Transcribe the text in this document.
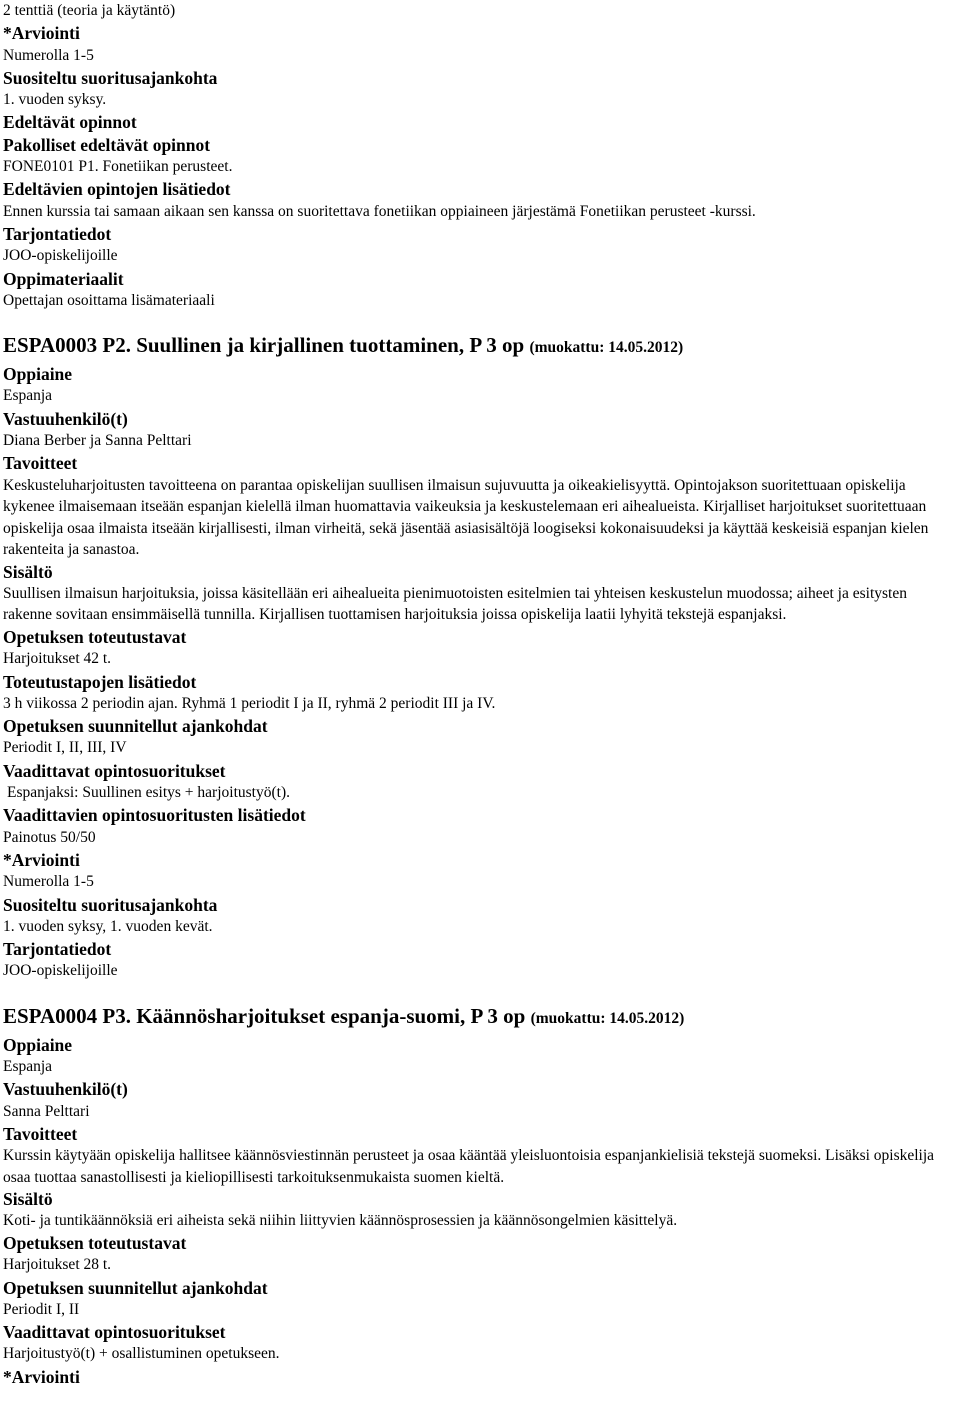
2 tenttiä (teoria ja käytäntö)
*Arviointi
Numerolla 1-5
Suositeltu suoritusajankohta
1. vuoden syksy.
Edeltävät opinnot
Pakolliset edeltävät opinnot
FONE0101 P1. Fonetiikan perusteet.
Edeltävien opintojen lisätiedot
Ennen kurssia tai samaan aikaan sen kanssa on suoritettava fonetiikan oppiaineen järjestämä Fonetiikan perusteet -kurssi.
Tarjontatiedot
JOO-opiskelijoille
Oppimateriaalit
Opettajan osoittama lisämateriaali
ESPA0003 P2. Suullinen ja kirjallinen tuottaminen, P 3 op (muokattu: 14.05.2012)
Oppiaine
Espanja
Vastuuhenkilö(t)
Diana Berber ja Sanna Pelttari
Tavoitteet
Keskusteluharjoitusten tavoitteena on parantaa opiskelijan suullisen ilmaisun sujuvuutta ja oikeakielisyyttä. Opintojakson suoritettuaan opiskelija kykenee ilmaisemaan itseään espanjan kielellä ilman huomattavia vaikeuksia ja keskustelemaan eri aihealueista. Kirjalliset harjoitukset suoritettuaan opiskelija osaa ilmaista itseään kirjallisesti, ilman virheitä, sekä jäsentää asiasisältöjä loogiseksi kokonaisuudeksi ja käyttää keskeisiä espanjan kielen rakenteita ja sanastoa.
Sisältö
Suullisen ilmaisun harjoituksia, joissa käsitellään eri aihealueita pienimuotoisten esitelmien tai yhteisen keskustelun muodossa; aiheet ja esitysten rakenne sovitaan ensimmäisellä tunnilla. Kirjallisen tuottamisen harjoituksia joissa opiskelija laatii lyhyitä tekstejä espanjaksi.
Opetuksen toteutustavat
Harjoitukset 42 t.
Toteutustapojen lisätiedot
3 h viikossa 2 periodin ajan. Ryhmä 1 periodit I ja II, ryhmä 2 periodit III ja IV.
Opetuksen suunnitellut ajankohdat
Periodit I, II, III, IV
Vaadittavat opintosuoritukset
Espanjaksi: Suullinen esitys + harjoitustyö(t).
Vaadittavien opintosuoritusten lisätiedot
Painotus 50/50
*Arviointi
Numerolla 1-5
Suositeltu suoritusajankohta
1. vuoden syksy, 1. vuoden kevät.
Tarjontatiedot
JOO-opiskelijoille
ESPA0004 P3. Käännösharjoitukset espanja-suomi, P 3 op (muokattu: 14.05.2012)
Oppiaine
Espanja
Vastuuhenkilö(t)
Sanna Pelttari
Tavoitteet
Kurssin käytyään opiskelija hallitsee käännösviestinnän perusteet ja osaa kääntää yleisluontoisia espanjankielisiä tekstejä suomeksi. Lisäksi opiskelija osaa tuottaa sanastollisesti ja kieliopillisesti tarkoituksenmukaista suomen kieltä.
Sisältö
Koti- ja tuntikäännöksiä eri aiheista sekä niihin liittyvien käännösprosessien ja käännösongelmien käsittelyä.
Opetuksen toteutustavat
Harjoitukset 28 t.
Opetuksen suunnitellut ajankohdat
Periodit I, II
Vaadittavat opintosuoritukset
Harjoitustyö(t) + osallistuminen opetukseen.
*Arviointi
